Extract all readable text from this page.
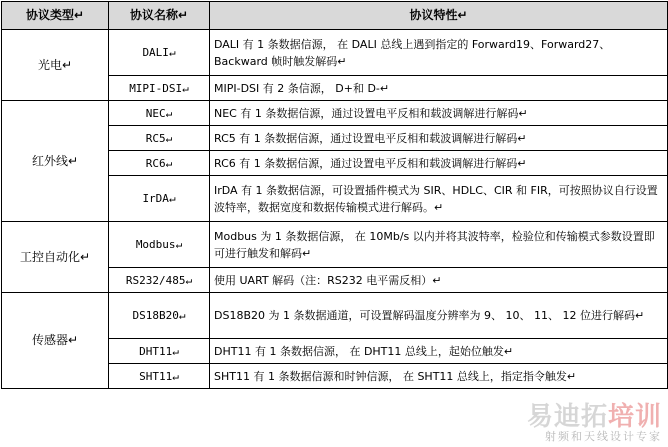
协议类型↵	协议名称↵	协议特性↵
光电↵	DALI↵	DALI 有 1 条数据信源， 在 DALI 总线上遇到指定的 Forward19、Forward27、Backward 帧时触发解码↵
	MIPI-DSI↵	MIPI-DSI 有 2 条信源， D+和 D-↵
红外线↵	NEC↵	NEC 有 1 条数据信源，通过设置电平反相和载波调解进行解码↵
	RC5↵	RC5 有 1 条数据信源，通过设置电平反相和载波调解进行解码↵
	RC6↵	RC6 有 1 条数据信源，通过设置电平反相和载波调解进行解码↵
	IrDA↵	IrDA 有 1 条数据信源，可设置插件模式为 SIR、HDLC、CIR 和 FIR，可按照协议自行设置波特率，数据宽度和数据传输模式进行解码。↵
工控自动化↵	Modbus↵	Modbus 为 1 条数据信源， 在 10Mb/s 以内并将其波特率，检验位和传输模式参数设置即可进行触发和解码↵
	RS232/485↵	使用 UART 解码（注：RS232 电平需反相）↵
传感器↵	DS18B20↵	DS18B20 为 1 条数据通道，可设置解码温度分辨率为 9、 10、 11、 12 位进行解码↵
	DHT11↵	DHT11 有 1 条数据信源， 在 DHT11 总线上，起始位触发↵
	SHT11↵	SHT11 有 1 条数据信源和时钟信源， 在 SHT11 总线上，指定指令触发↵
易迪拓培训
射频和天线设计专家
